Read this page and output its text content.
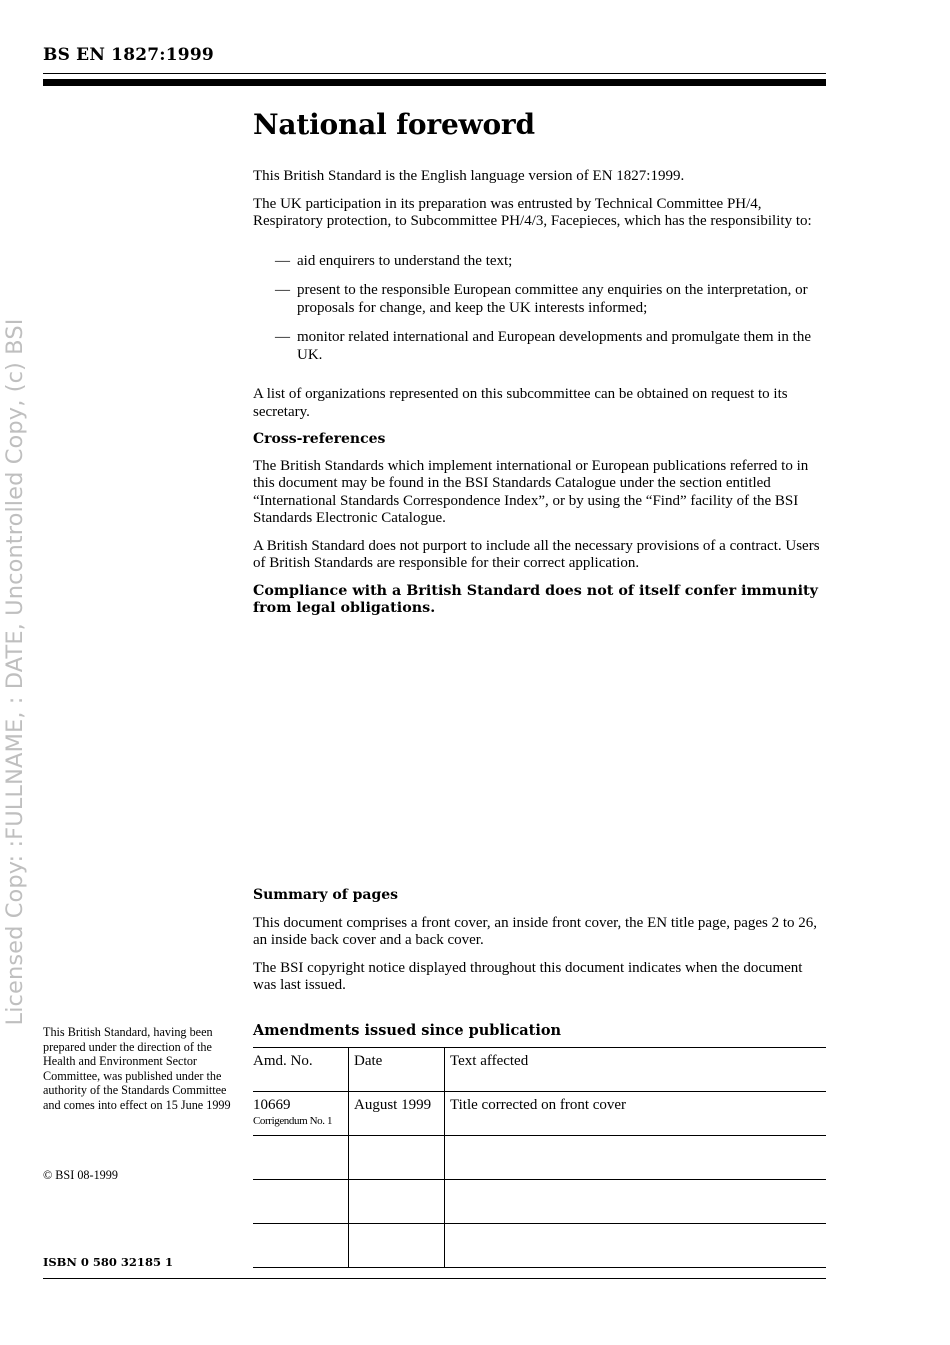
BS EN 1827:1999
Licensed Copy: :FULLNAME, : DATE, Uncontrolled Copy, (c) BSI
National foreword

This British Standard is the English language version of EN 1827:1999.

The UK participation in its preparation was entrusted by Technical Committee PH/4, Respiratory protection, to Subcommittee PH/4/3, Facepieces, which has the responsibility to:

— aid enquirers to understand the text;
— present to the responsible European committee any enquiries on the interpretation, or proposals for change, and keep the UK interests informed;
— monitor related international and European developments and promulgate them in the UK.

A list of organizations represented on this subcommittee can be obtained on request to its secretary.

Cross-references

The British Standards which implement international or European publications referred to in this document may be found in the BSI Standards Catalogue under the section entitled “International Standards Correspondence Index”, or by using the “Find” facility of the BSI Standards Electronic Catalogue.

A British Standard does not purport to include all the necessary provisions of a contract. Users of British Standards are responsible for their correct application.

Compliance with a British Standard does not of itself confer immunity from legal obligations.

Summary of pages

This document comprises a front cover, an inside front cover, the EN title page, pages 2 to 26, an inside back cover and a back cover.

The BSI copyright notice displayed throughout this document indicates when the document was last issued.

This British Standard, having been prepared under the direction of the Health and Environment Sector Committee, was published under the authority of the Standards Committee and comes into effect on 15 June 1999
© BSI 08-1999
ISBN 0 580 32185 1
Amendments issued since publication
Amd. No.	Date	Text affected
10669
Corrigendum No. 1	August 1999	Title corrected on front cover
